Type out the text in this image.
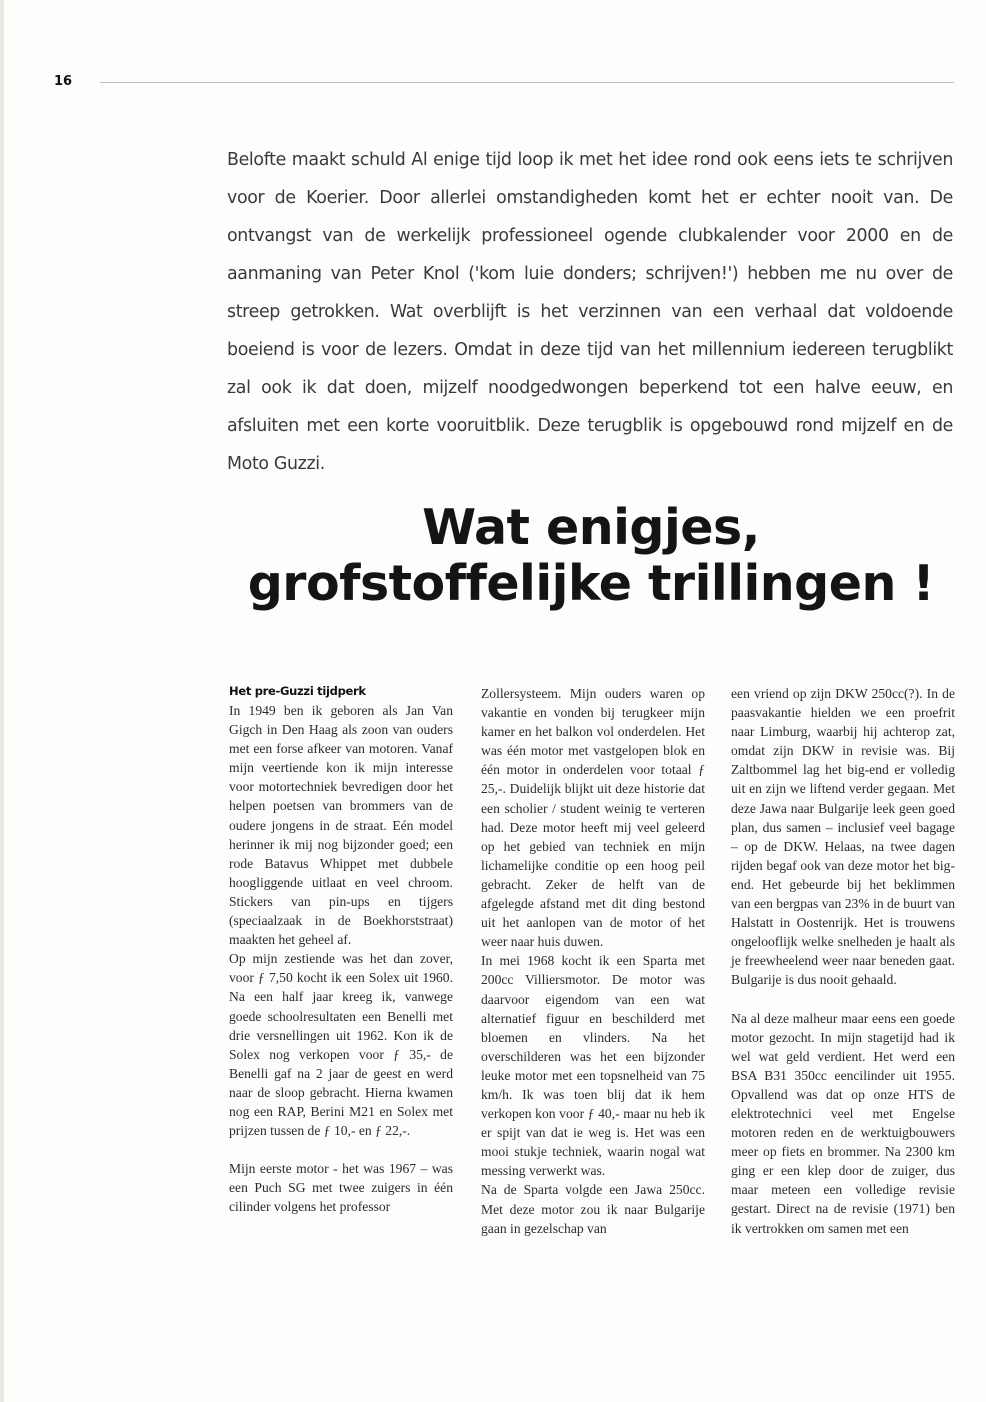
16

Belofte maakt schuld Al enige tijd loop ik met het idee rond ook eens iets te schrijven voor de Koerier. Door allerlei omstandigheden komt het er echter nooit van. De ontvangst van de werkelijk professioneel ogende clubkalender voor 2000 en de aanmaning van Peter Knol ('kom luie donders; schrijven!') hebben me nu over de streep getrokken. Wat overblijft is het verzinnen van een verhaal dat voldoende boeiend is voor de lezers. Omdat in deze tijd van het millennium iedereen terugblikt zal ook ik dat doen, mijzelf noodgedwongen beperkend tot een halve eeuw, en afsluiten met een korte vooruitblik. Deze terugblik is opgebouwd rond mijzelf en de Moto Guzzi.

Wat enigjes,
grofstoffelijke trillingen !

Het pre-Guzzi tijdperk

In 1949 ben ik geboren als Jan Van Gigch in Den Haag als zoon van ouders met een forse afkeer van motoren. Vanaf mijn veertiende kon ik mijn interesse voor motortechniek bevredigen door het helpen poetsen van brommers van de oudere jongens in de straat. Eén model herinner ik mij nog bijzonder goed; een rode Batavus Whippet met dubbele hoogliggende uitlaat en veel chroom. Stickers van pin-ups en tijgers (speciaalzaak in de Boekhorststraat) maakten het geheel af.

Op mijn zestiende was het dan zover, voor ƒ 7,50 kocht ik een Solex uit 1960. Na een half jaar kreeg ik, vanwege goede schoolresultaten een Benelli met drie versnellingen uit 1962. Kon ik de Solex nog verkopen voor ƒ 35,- de Benelli gaf na 2 jaar de geest en werd naar de sloop gebracht. Hierna kwamen nog een RAP, Berini M21 en Solex met prijzen tussen de ƒ 10,- en ƒ 22,-.

Mijn eerste motor - het was 1967 – was een Puch SG met twee zuigers in één cilinder volgens het professor

Zollersysteem. Mijn ouders waren op vakantie en vonden bij terugkeer mijn kamer en het balkon vol onderdelen. Het was één motor met vastgelopen blok en één motor in onderdelen voor totaal ƒ 25,-. Duidelijk blijkt uit deze historie dat een scholier / student weinig te verteren had. Deze motor heeft mij veel geleerd op het gebied van techniek en mijn lichamelijke conditie op een hoog peil gebracht. Zeker de helft van de afgelegde afstand met dit ding bestond uit het aanlopen van de motor of het weer naar huis duwen.

In mei 1968 kocht ik een Sparta met 200cc Villiersmotor. De motor was daarvoor eigendom van een wat alternatief figuur en beschilderd met bloemen en vlinders. Na het overschilderen was het een bijzonder leuke motor met een topsnelheid van 75 km/h. Ik was toen blij dat ik hem verkopen kon voor ƒ 40,- maar nu heb ik er spijt van dat ie weg is. Het was een mooi stukje techniek, waarin nogal wat messing verwerkt was.

Na de Sparta volgde een Jawa 250cc. Met deze motor zou ik naar Bulgarije gaan in gezelschap van

een vriend op zijn DKW 250cc(?). In de paasvakantie hielden we een proefrit naar Limburg, waarbij hij achterop zat, omdat zijn DKW in revisie was. Bij Zaltbommel lag het big-end er volledig uit en zijn we liftend verder gegaan. Met deze Jawa naar Bulgarije leek geen goed plan, dus samen – inclusief veel bagage – op de DKW. Helaas, na twee dagen rijden begaf ook van deze motor het big-end. Het gebeurde bij het beklimmen van een bergpas van 23% in de buurt van Halstatt in Oostenrijk. Het is trouwens ongelooflijk welke snelheden je haalt als je freewheelend weer naar beneden gaat. Bulgarije is dus nooit gehaald.

Na al deze malheur maar eens een goede motor gezocht. In mijn stagetijd had ik wel wat geld verdient. Het werd een BSA B31 350cc eencilinder uit 1955. Opvallend was dat op onze HTS de elektrotechnici veel met Engelse motoren reden en de werktuigbouwers meer op fiets en brommer. Na 2300 km ging er een klep door de zuiger, dus maar meteen een volledige revisie gestart. Direct na de revisie (1971) ben ik vertrokken om samen met een
